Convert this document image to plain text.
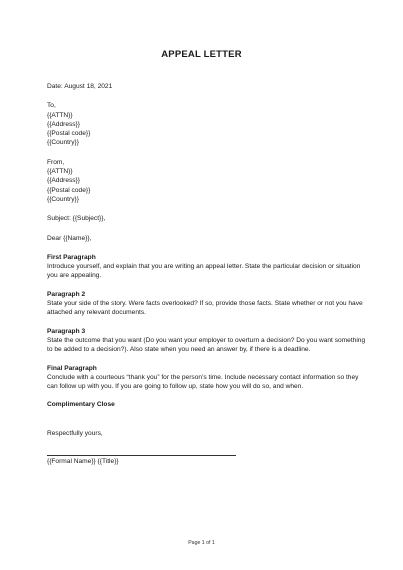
APPEAL LETTER
Date: August 18, 2021
To,
{{ATTN}}
{{Address}}
{{Postal code}}
{{Country}}
From,
{{ATTN}}
{{Address}}
{{Postal code}}
{{Country}}
Subject: {{Subject}},
Dear {{Name}},
First Paragraph
Introduce yourself, and explain that you are writing an appeal letter. State the particular decision or situation you are appealing.
Paragraph 2
State your side of the story. Were facts overlooked? If so, provide those facts. State whether or not you have attached any relevant documents.
Paragraph 3
State the outcome that you want (Do you want your employer to overturn a decision? Do you want something to be added to a decision?). Also state when you need an answer by, if there is a deadline.
Final Paragraph
Conclude with a courteous “thank you” for the person’s time. Include necessary contact information so they can follow up with you. If you are going to follow up, state how you will do so, and when.
Complimentary Close
Respectfully yours,
{{Formal Name}} {{Title}}
Page 1 of 1
